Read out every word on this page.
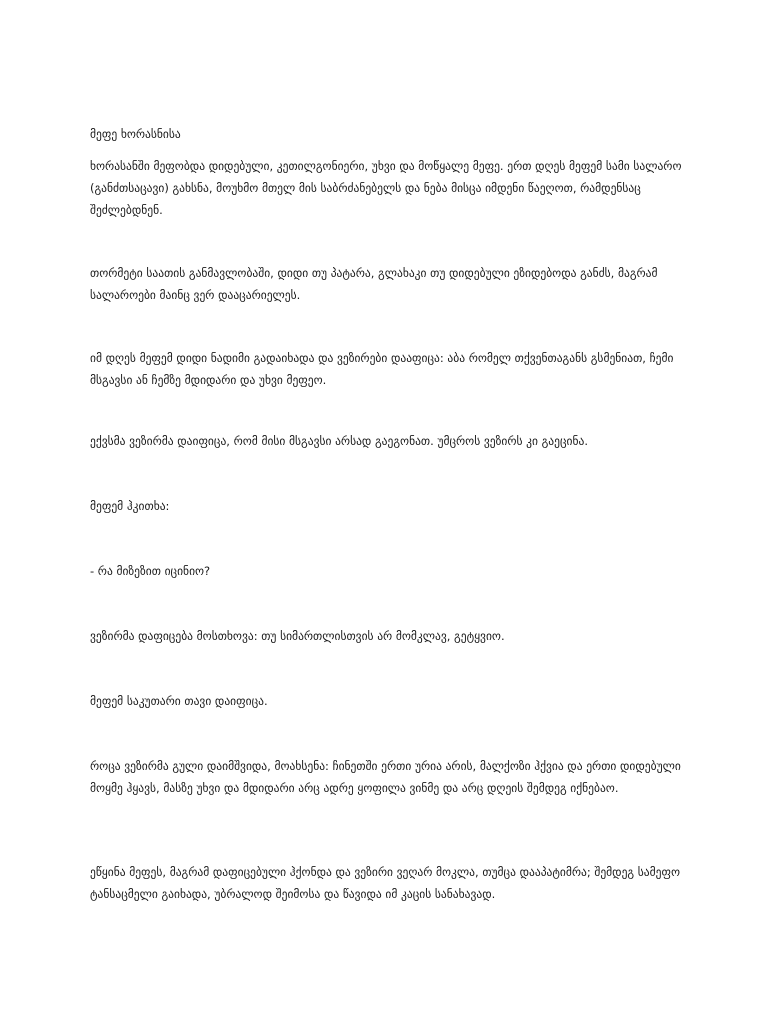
მეფე ხორასნისა

ხორასანში მეფობდა დიდებული, კეთილგონიერი, უხვი და მოწყალე მეფე. ერთ დღეს მეფემ სამი სალარო (განძთსაცავი) გახსნა, მოუხმო მთელ მის საბრძანებელს და ნება მისცა იმდენი წაეღოთ, რამდენსაც შეძლებდნენ.

თორმეტი საათის განმავლობაში, დიდი თუ პატარა, გლახაკი თუ დიდებული ეზიდებოდა განძს, მაგრამ სალაროები მაინც ვერ დააცარიელეს.

იმ დღეს მეფემ დიდი ნადიმი გადაიხადა და ვეზირები დააფიცა: აბა რომელ თქვენთაგანს გსმენიათ, ჩემი მსგავსი ან ჩემზე მდიდარი და უხვი მეფეო.

ექვსმა ვეზირმა დაიფიცა, რომ მისი მსგავსი არსად გაეგონათ. უმცროს ვეზირს კი გაეცინა.

მეფემ ჰკითხა:

- რა მიზეზით იცინიო?

ვეზირმა დაფიცება მოსთხოვა: თუ სიმართლისთვის არ მომკლავ, გეტყვიო.

მეფემ საკუთარი თავი დაიფიცა.

როცა ვეზირმა გული დაიმშვიდა, მოახსენა: ჩინეთში ერთი ურია არის, მალქოზი ჰქვია და ერთი დიდებული მოყმე ჰყავს, მასზე უხვი და მდიდარი არც ადრე ყოფილა ვინმე და არც დღეის შემდეგ იქნებაო.

ეწყინა მეფეს, მაგრამ დაფიცებული ჰქონდა და ვეზირი ვეღარ მოკლა, თუმცა დააპატიმრა; შემდეგ სამეფო ტანსაცმელი გაიხადა, უბრალოდ შეიმოსა და წავიდა იმ კაცის სანახავად.
